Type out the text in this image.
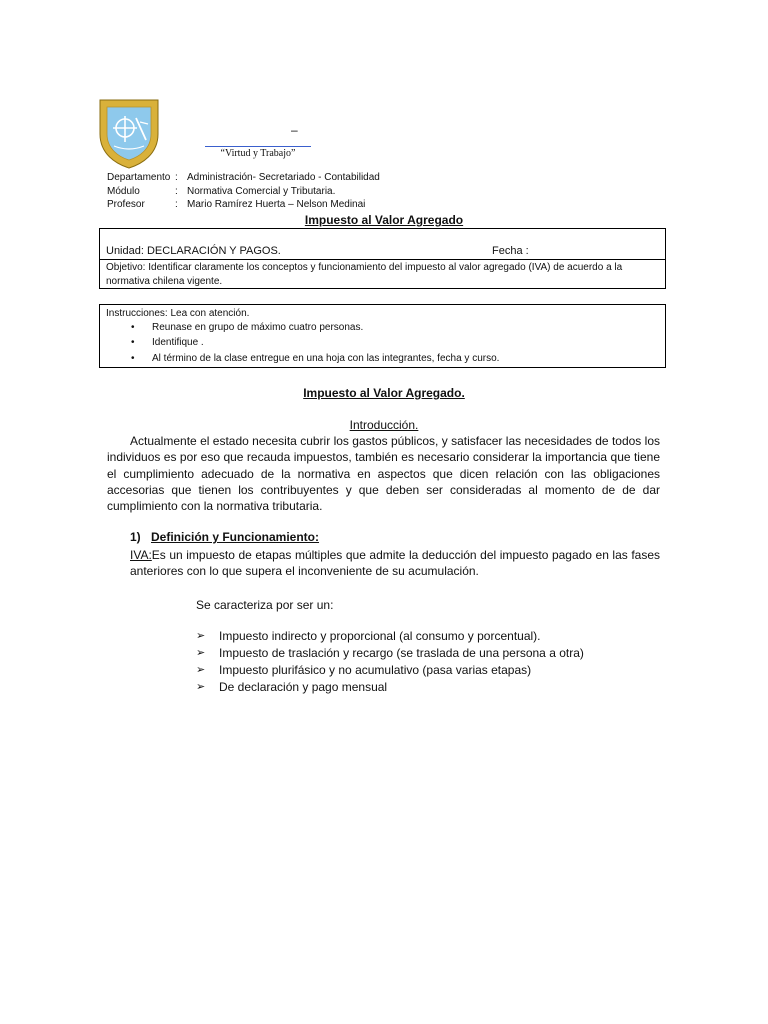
–
“Virtud y Trabajo”
Departamento : Administración- Secretariado - Contabilidad
Módulo	: Normativa Comercial y Tributaria.
Profesor	: Mario Ramírez Huerta – Nelson Medinai
Impuesto al Valor Agregado
Unidad: DECLARACIÓN Y PAGOS.	Fecha :
Objetivo: Identificar claramente los conceptos y funcionamiento del impuesto al valor agregado (IVA) de acuerdo a la normativa chilena vigente.
Instrucciones: Lea con atención.
• Reunase en grupo de máximo cuatro personas.
• Identifique .
• Al término de la clase entregue en una hoja con las integrantes, fecha y curso.
Impuesto al Valor Agregado.
Introducción.
Actualmente el estado necesita cubrir los gastos públicos, y satisfacer las necesidades de todos los individuos es por eso que recauda impuestos, también es necesario considerar la importancia que tiene el cumplimiento adecuado de la normativa en aspectos que dicen relación con las obligaciones accesorias que tienen los contribuyentes y que deben ser consideradas al momento de de dar cumplimiento con la normativa tributaria.
1) Definición y Funcionamiento:
IVA:Es un impuesto de etapas múltiples que admite la deducción del impuesto pagado en las fases anteriores con lo que supera el inconveniente de su acumulación.
Se caracteriza por ser un:
➢ Impuesto indirecto y proporcional (al consumo y porcentual).
➢ Impuesto de traslación y recargo (se traslada de una persona a otra)
➢ Impuesto plurifásico y no acumulativo (pasa varias etapas)
➢ De declaración y pago mensual
